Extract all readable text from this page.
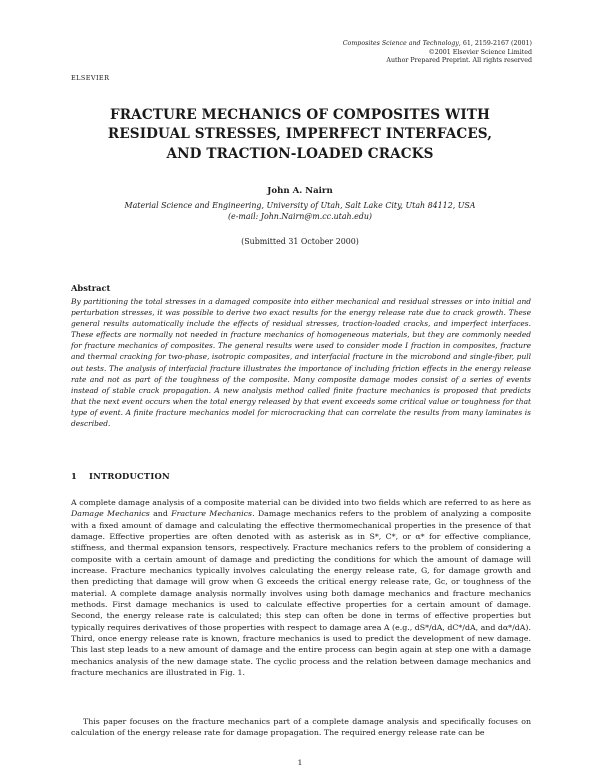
Composites Science and Technology, 61, 2159-2167 (2001)
©2001 Elsevier Science Limited
Author Prepared Preprint. All rights reserved
ELSEVIER
FRACTURE MECHANICS OF COMPOSITES WITH
RESIDUAL STRESSES, IMPERFECT INTERFACES,
AND TRACTION-LOADED CRACKS
John A. Nairn
Material Science and Engineering, University of Utah, Salt Lake City, Utah 84112, USA
(e-mail: John.Nairn@m.cc.utah.edu)
(Submitted 31 October 2000)
Abstract

By partitioning the total stresses in a damaged composite into either mechanical and residual stresses or into initial and perturbation stresses, it was possible to derive two exact results for the energy release rate due to crack growth. These general results automatically include the effects of residual stresses, traction-loaded cracks, and imperfect interfaces. These effects are normally not needed in fracture mechanics of homogeneous materials, but they are commonly needed for fracture mechanics of composites. The general results were used to consider mode I fraction in composites, fracture and thermal cracking for two-phase, isotropic composites, and interfacial fracture in the microbond and single-fiber, pull out tests. The analysis of interfacial fracture illustrates the importance of including friction effects in the energy release rate and not as part of the toughness of the composite. Many composite damage modes consist of a series of events instead of stable crack propagation. A new analysis method called finite fracture mechanics is proposed that predicts that the next event occurs when the total energy released by that event exceeds some critical value or toughness for that type of event. A finite fracture mechanics model for microcracking that can correlate the results from many laminates is described.

1 INTRODUCTION

A complete damage analysis of a composite material can be divided into two fields which are referred to as here as Damage Mechanics and Fracture Mechanics. Damage mechanics refers to the problem of analyzing a composite with a fixed amount of damage and calculating the effective thermomechanical properties in the presence of that damage. Effective properties are often denoted with as asterisk as in S*, C*, or α* for effective compliance, stiffness, and thermal expansion tensors, respectively. Fracture mechanics refers to the problem of considering a composite with a certain amount of damage and predicting the conditions for which the amount of damage will increase. Fracture mechanics typically involves calculating the energy release rate, G, for damage growth and then predicting that damage will grow when G exceeds the critical energy release rate, Gc, or toughness of the material. A complete damage analysis normally involves using both damage mechanics and fracture mechanics methods. First damage mechanics is used to calculate effective properties for a certain amount of damage. Second, the energy release rate is calculated; this step can often be done in terms of effective properties but typically requires derivatives of those properties with respect to damage area A (e.g., dS*/dA, dC*/dA, and dα*/dA). Third, once energy release rate is known, fracture mechanics is used to predict the development of new damage. This last step leads to a new amount of damage and the entire process can begin again at step one with a damage mechanics analysis of the new damage state. The cyclic process and the relation between damage mechanics and fracture mechanics are illustrated in Fig. 1.

This paper focuses on the fracture mechanics part of a complete damage analysis and specifically focuses on calculation of the energy release rate for damage propagation. The required energy release rate can be

1
